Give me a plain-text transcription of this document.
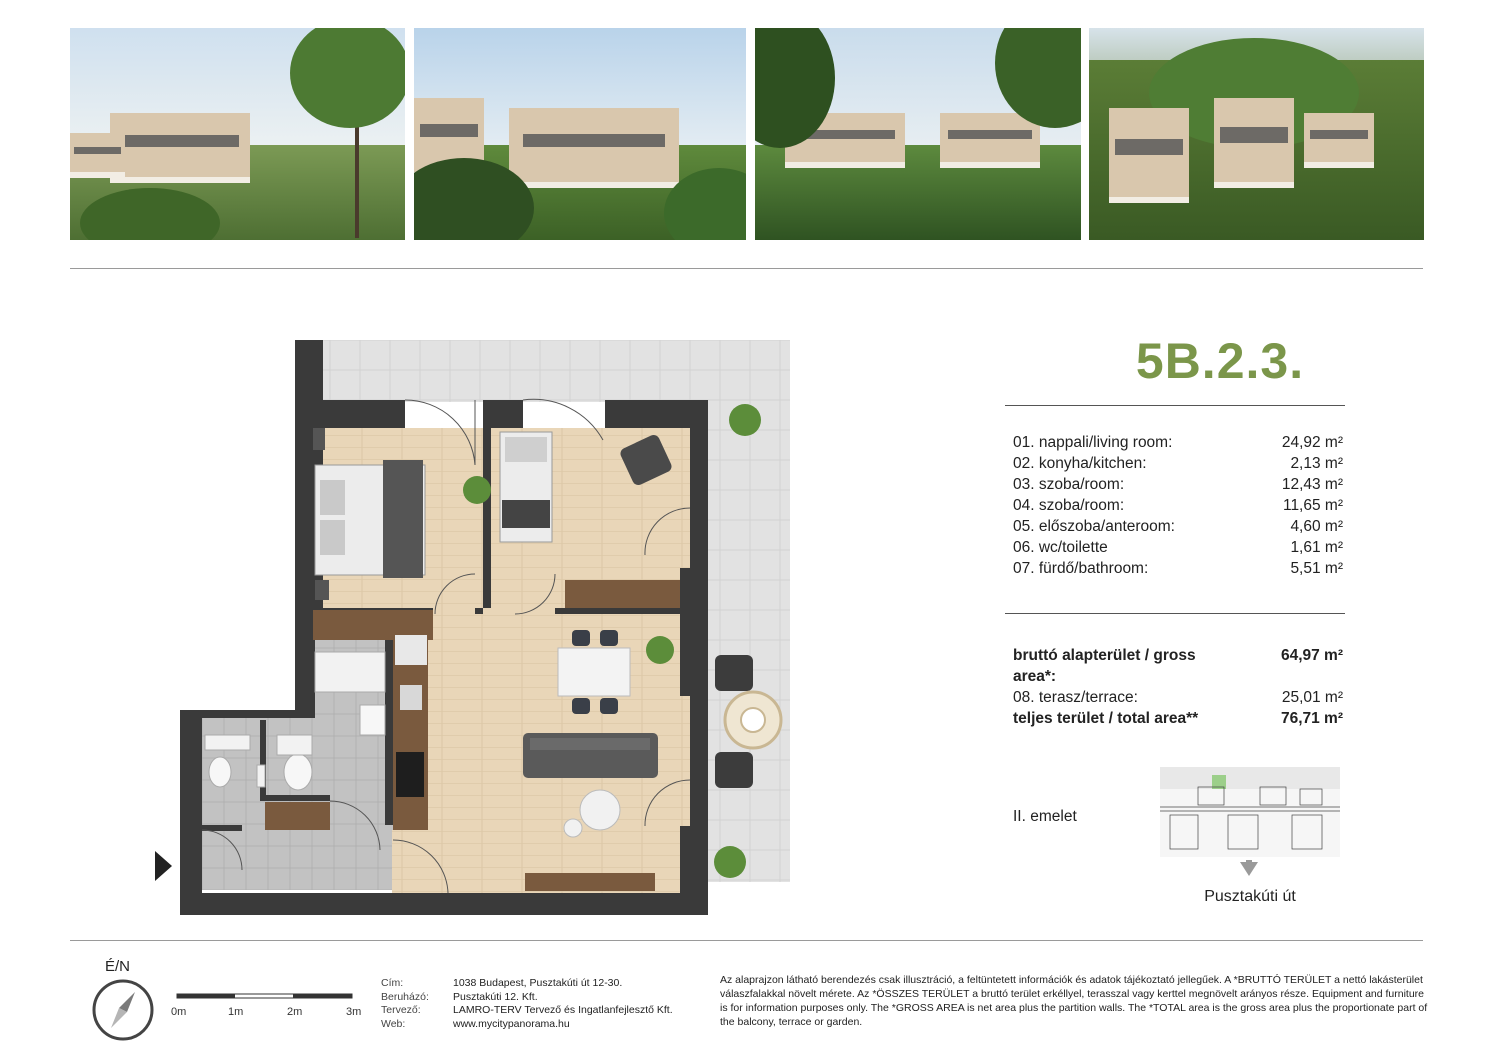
5B.2.3.
01. nappali/living room:	24,92 m²
02. konyha/kitchen:	2,13 m²
03. szoba/room:	12,43 m²
04. szoba/room:	11,65 m²
05. előszoba/anteroom:	4,60 m²
06. wc/toilette	1,61 m²
07. fürdő/bathroom:	5,51 m²
bruttó alapterület / gross area*:
64,97 m²
08. terasz/terrace:	25,01 m²
teljes terület / total area**	76,71 m²
II. emelet
Pusztakúti út
É/N
0m	1m	2m	3m
Cím:	1038 Budapest, Pusztakúti út 12-30.
Beruházó:	Pusztakúti 12. Kft.
Tervező:	LAMRO-TERV Tervező és Ingatlanfejlesztő Kft.
Web:	www.mycitypanorama.hu
Az alaprajzon látható berendezés csak illusztráció, a feltüntetett információk és adatok tájékoztató jellegűek. A *BRUTTÓ TERÜLET a nettó lakásterület válaszfalakkal növelt mérete. Az *ÖSSZES TERÜLET a bruttó terület erkéllyel, terasszal vagy kerttel megnövelt arányos része. Equipment and furniture is for information purposes only. The *GROSS AREA is net area plus the partition walls. The *TOTAL area is the gross area plus the proportionate part of the balcony, terrace or garden.
